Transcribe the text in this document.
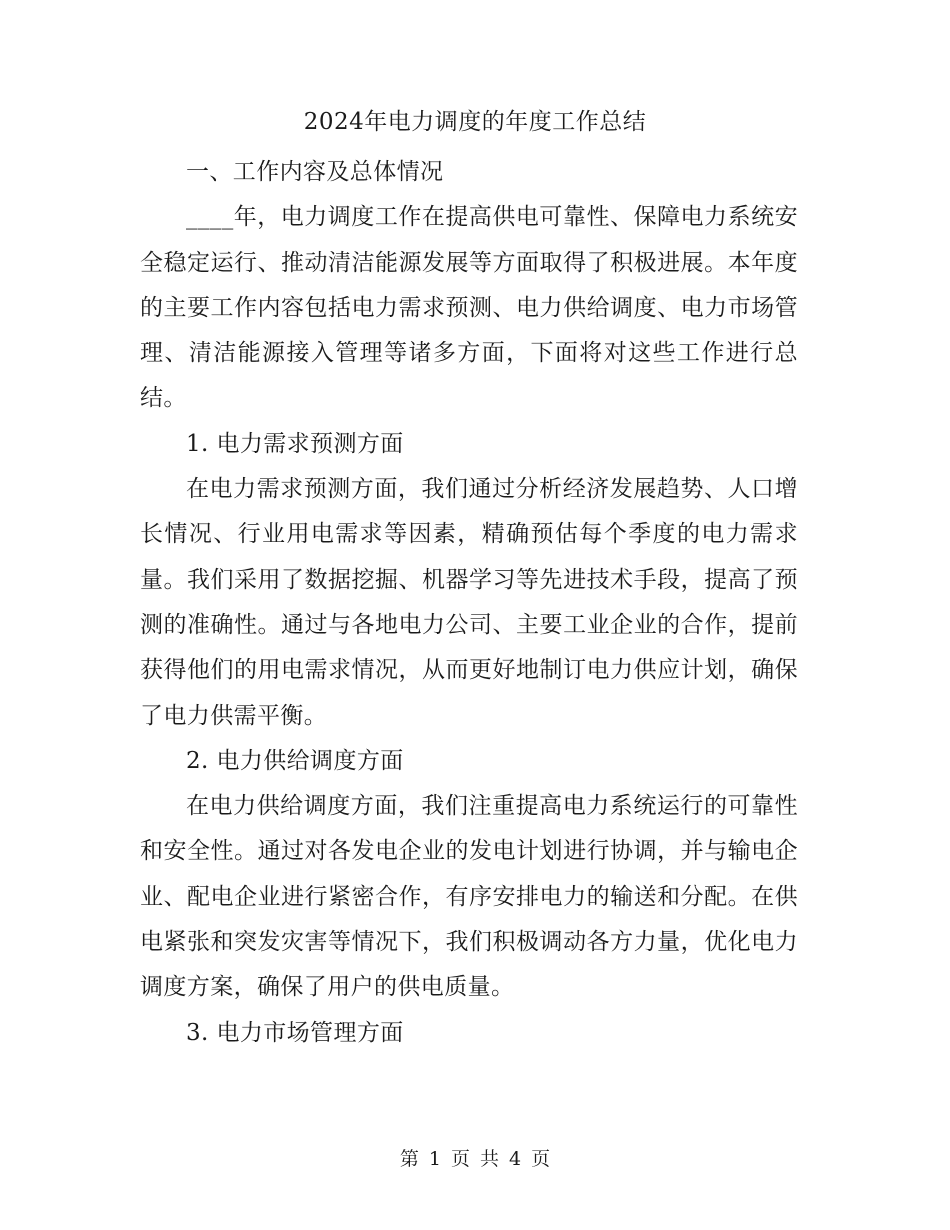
2024年电力调度的年度工作总结

一、工作内容及总体情况

____年，电力调度工作在提高供电可靠性、保障电力系统安全稳定运行、推动清洁能源发展等方面取得了积极进展。本年度的主要工作内容包括电力需求预测、电力供给调度、电力市场管理、清洁能源接入管理等诸多方面，下面将对这些工作进行总结。

1. 电力需求预测方面

在电力需求预测方面，我们通过分析经济发展趋势、人口增长情况、行业用电需求等因素，精确预估每个季度的电力需求量。我们采用了数据挖掘、机器学习等先进技术手段，提高了预测的准确性。通过与各地电力公司、主要工业企业的合作，提前获得他们的用电需求情况，从而更好地制订电力供应计划，确保了电力供需平衡。

2. 电力供给调度方面

在电力供给调度方面，我们注重提高电力系统运行的可靠性和安全性。通过对各发电企业的发电计划进行协调，并与输电企业、配电企业进行紧密合作，有序安排电力的输送和分配。在供电紧张和突发灾害等情况下，我们积极调动各方力量，优化电力调度方案，确保了用户的供电质量。

3. 电力市场管理方面

第 1 页 共 4 页
